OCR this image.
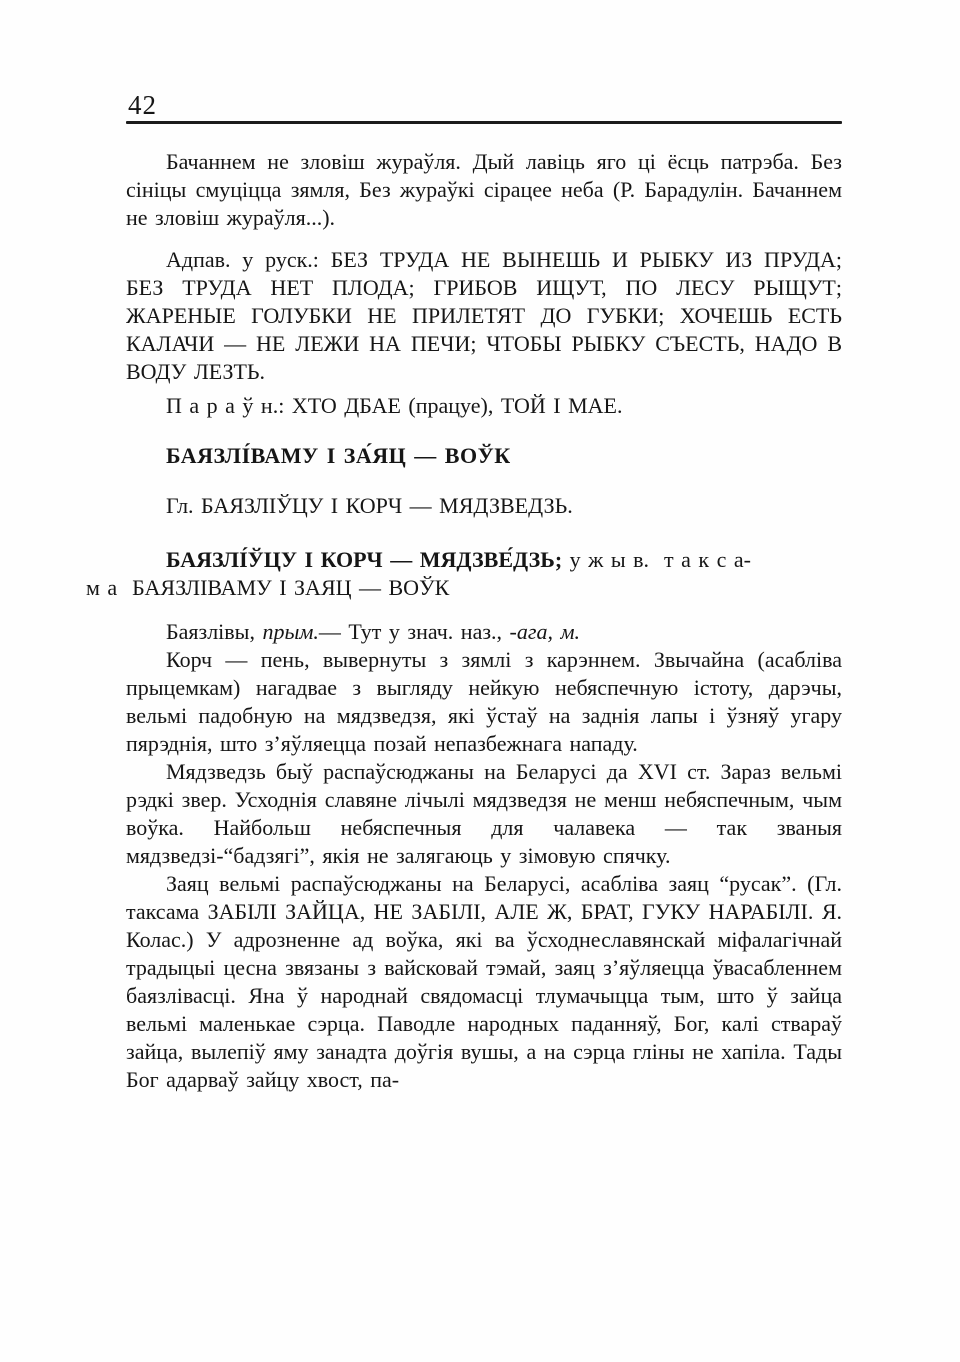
42

Бачаннем не зловіш жураўля. Дый лавіць яго ці ёсць патрэба. Без сініцы смуціцца зямля, Без жураўкі сірацее неба (Р. Барадулін. Бачаннем не зловіш жураўля...).

Адпав. у руск.: БЕЗ ТРУДА НЕ ВЫНЕШЬ И РЫБКУ ИЗ ПРУДА; БЕЗ ТРУДА НЕТ ПЛОДА; ГРИБОВ ИЩУТ, ПО ЛЕСУ РЫЩУТ; ЖАРЕНЫЕ ГОЛУБКИ НЕ ПРИЛЕТЯТ ДО ГУБКИ; ХОЧЕШЬ ЕСТЬ КАЛАЧИ — НЕ ЛЕЖИ НА ПЕЧИ; ЧТОБЫ РЫБКУ СЪЕСТЬ, НАДО В ВОДУ ЛЕЗТЬ.

П а р а ў н.: ХТО ДБАЕ (працуе), ТОЙ І МАЕ.

БАЯЗЛІ́ВАМУ І ЗА́ЯЦ — ВОЎК

Гл. БАЯЗЛІЎЦУ І КОРЧ — МЯДЗВЕДЗЬ.

БАЯЗЛІ́ЎЦУ І КОРЧ — МЯДЗВЕ́ДЗЬ; у ж ы в.  т а к с а-
м а  БАЯЗЛІВАМУ І ЗАЯЦ — ВОЎК

Баязлівы, прым.— Тут у знач. наз., -ага, м.

Корч — пень, вывернуты з зямлі з карэннем. Звычайна (асабліва прыцемкам) нагадвае з выгляду нейкую небяспечную істоту, дарэчы, вельмі падобную на мядзведзя, які ўстаў на заднія лапы і ўзняў угару пярэднія, што з’яўляецца позай непазбежнага нападу.

Мядзведзь быў распаўсюджаны на Беларусі да XVI ст. Зараз вельмі рэдкі звер. Усходнія славяне лічылі мядзведзя не менш небяспечным, чым воўка. Найбольш небяспечныя для чалавека — так званыя мядзведзі-“бадзягі”, якія не залягаюць у зімовую спячку.

Заяц вельмі распаўсюджаны на Беларусі, асабліва заяц “русак”. (Гл. таксама ЗАБІЛІ ЗАЙЦА, НЕ ЗАБІЛІ, АЛЕ Ж, БРАТ, ГУКУ НАРАБІЛІ. Я. Колас.) У адрозненне ад воўка, які ва ўсходнеславянскай міфалагічнай традыцыі цесна звязаны з вайсковай тэмай, заяц з’яўляецца ўвасабленнем баязлівасці. Яна ў народнай свядомасці тлумачыцца тым, што ў зайца вельмі маленькае сэрца. Паводле народных паданняў, Бог, калі ствараў зайца, вылепіў яму занадта доўгія вушы, а на сэрца гліны не хапіла. Тады Бог адарваў зайцу хвост, па-
